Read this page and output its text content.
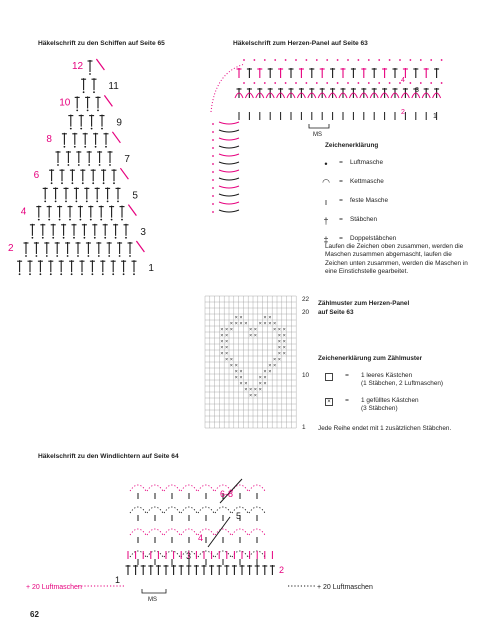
Häkelschrift zu den Schiffen auf Seite 65
12
11
10
9
8
7
6
5
4
3
2
1
Häkelschrift zum Herzen-Panel auf Seite 63
4
3
2
1
MS
Zeichenerklärung
•	=	Luftmasche
◠	=	Kettmasche
ı	=	feste Masche
†	=	Stäbchen
‡	=	Doppelstäbchen
Laufen die Zeichen oben zusammen, werden die Maschen zusammen abgemascht, laufen die Zeichen unten zusammen, werden die Maschen in eine Einstichstelle gearbeitet.
× ×	× ×
× × × × × × × ×
× × ×	× ×	× × ×
× ×	× ×	× ×
× ×	× ×
× ×	× ×
× ×	× ×
× ×	× ×
× ×	× ×
× ×	× ×
× ×	× ×
× × × ×
× × × ×
× ×
22
20
10
1
Zählmuster zum Herzen-Panel
auf Seite 63
Zeichenerklärung zum Zählmuster
=	1 leeres Kästchen
(1 Stäbchen, 2 Luftmaschen)
×	=	1 gefülltes Kästchen
(3 Stäbchen)
Jede Reihe endet mit 1 zusätzlichen Stäbchen.
Häkelschrift zu den Windlichtern auf Seite 64
6-8
5
4
3
2
1
+ 20 Luftmaschen	+ 20 Luftmaschen
MS
62
